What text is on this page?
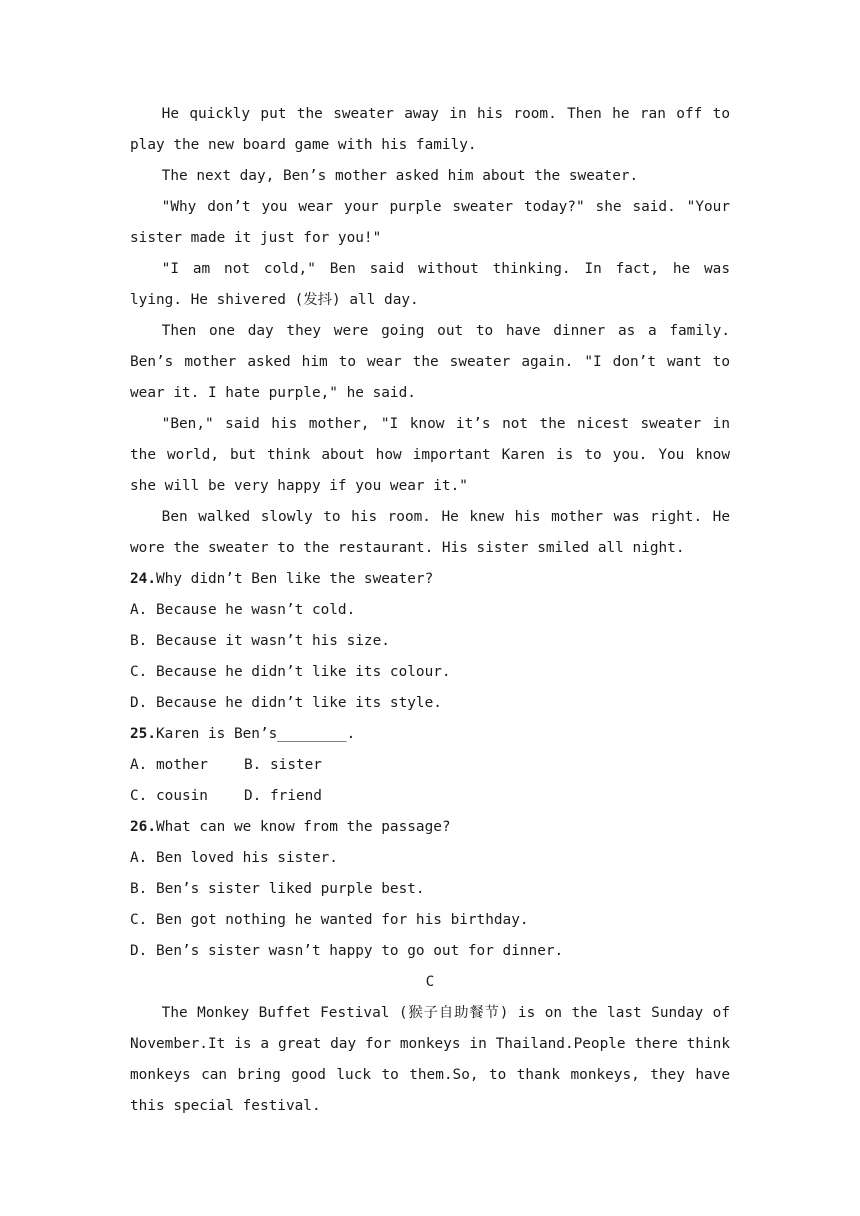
He quickly put the sweater away in his room. Then he ran off to play the new board game with his family.

The next day, Ben’s mother asked him about the sweater.

"Why don’t you wear your purple sweater today?" she said. "Your sister made it just for you!"

"I am not cold," Ben said without thinking. In fact, he was lying. He shivered (发抖) all day.

Then one day they were going out to have dinner as a family. Ben’s mother asked him to wear the sweater again. "I don’t want to wear it. I hate purple," he said.

"Ben," said his mother, "I know it’s not the nicest sweater in the world, but think about how important Karen is to you. You know she will be very happy if you wear it."

Ben walked slowly to his room. He knew his mother was right. He wore the sweater to the restaurant. His sister smiled all night.

24.Why didn’t Ben like the sweater?

A. Because he wasn’t cold.

B. Because it wasn’t his size.

C. Because he didn’t like its colour.

D. Because he didn’t like its style.

25.Karen is Ben’s________.

A. mother	B. sister
C. cousin	D. friend

26.What can we know from the passage?

A. Ben loved his sister.

B. Ben’s sister liked purple best.

C. Ben got nothing he wanted for his birthday.

D. Ben’s sister wasn’t happy to go out for dinner.

C

The Monkey Buffet Festival (猴子自助餐节) is on the last Sunday of November.It is a great day for monkeys in Thailand.People there think monkeys can bring good luck to them.So, to thank monkeys, they have this special festival.
